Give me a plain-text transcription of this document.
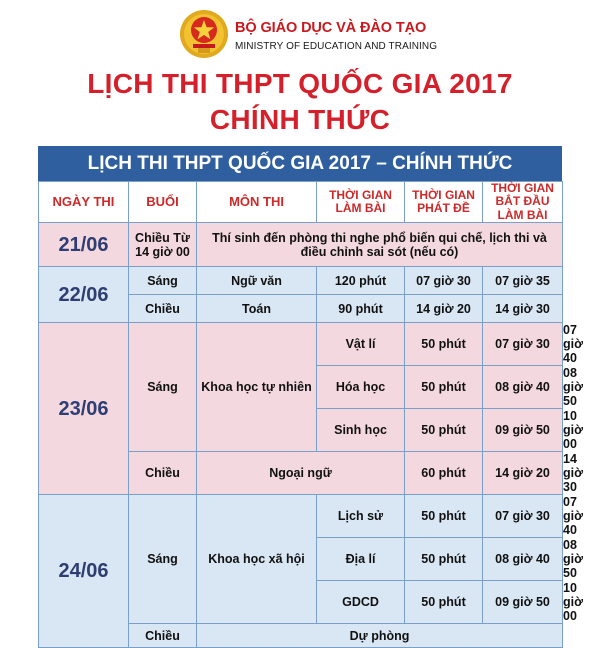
BỘ GIÁO DỤC VÀ ĐÀO TẠO
MINISTRY OF EDUCATION AND TRAINING
LỊCH THI THPT QUỐC GIA 2017
CHÍNH THỨC
LỊCH THI THPT QUỐC GIA 2017 – CHÍNH THỨC
NGÀY THI	BUỔI	MÔN THI	THỜI GIAN LÀM BÀI	THỜI GIAN PHÁT ĐỀ	THỜI GIAN BẮT ĐẦU LÀM BÀI	
21/06	Chiều Từ 14 giờ 00	Thí sinh đến phòng thi nghe phổ biến qui chế, lịch thi và điều chỉnh sai sót (nếu có)				
22/06	Sáng	Ngữ văn	120 phút	07 giờ 30	07 giờ 35	
	Chiều	Toán	90 phút	14 giờ 20	14 giờ 30	
23/06	Sáng	Khoa học tự nhiên	Vật lí	50 phút	07 giờ 30	07 giờ 40
			Hóa học	50 phút	08 giờ 40	08 giờ 50
			Sinh học	50 phút	09 giờ 50	10 giờ 00
	Chiều	Ngoại ngữ		60 phút	14 giờ 20	14 giờ 30
24/06	Sáng	Khoa học xã hội	Lịch sử	50 phút	07 giờ 30	07 giờ 40
			Địa lí	50 phút	08 giờ 40	08 giờ 50
			GDCD	50 phút	09 giờ 50	10 giờ 00
	Chiều	Dự phòng				
